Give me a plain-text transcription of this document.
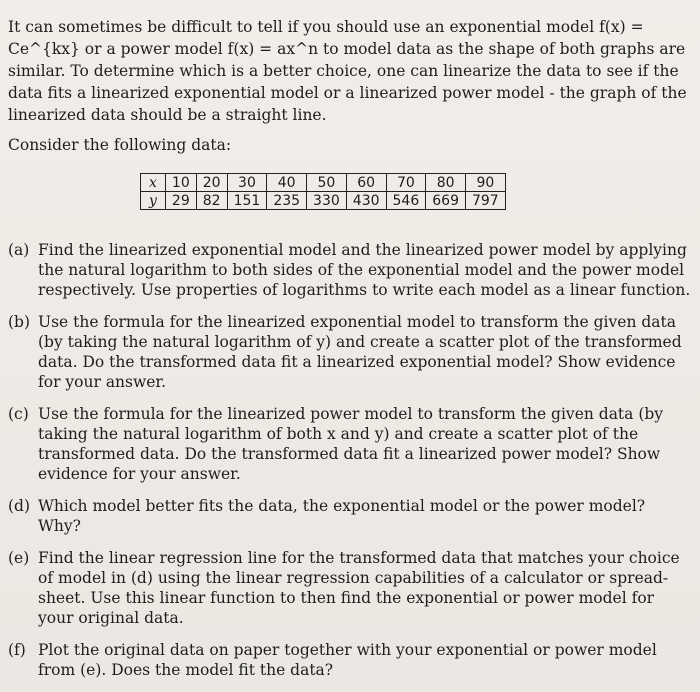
It can sometimes be difficult to tell if you should use an exponential model f(x) = Ce^{kx} or a power model f(x) = ax^n to model data as the shape of both graphs are similar. To determine which is a better choice, one can linearize the data to see if the data fits a linearized exponential model or a linearized power model - the graph of the linearized data should be a straight line.

Consider the following data:
x	10	20	30	40	50	60	70	80	90
y	29	82	151	235	330	430	546	669	797
(a) Find the linearized exponential model and the linearized power model by applying the natural logarithm to both sides of the exponential model and the power model respectively. Use properties of logarithms to write each model as a linear function.
(b) Use the formula for the linearized exponential model to transform the given data (by taking the natural logarithm of y) and create a scatter plot of the transformed data. Do the transformed data fit a linearized exponential model? Show evidence for your answer.
(c) Use the formula for the linearized power model to transform the given data (by taking the natural logarithm of both x and y) and create a scatter plot of the transformed data. Do the transformed data fit a linearized power model? Show evidence for your answer.
(d) Which model better fits the data, the exponential model or the power model? Why?
(e) Find the linear regression line for the transformed data that matches your choice of model in (d) using the linear regression capabilities of a calculator or spread- sheet. Use this linear function to then find the exponential or power model for your original data.
(f) Plot the original data on paper together with your exponential or power model from (e). Does the model fit the data?
